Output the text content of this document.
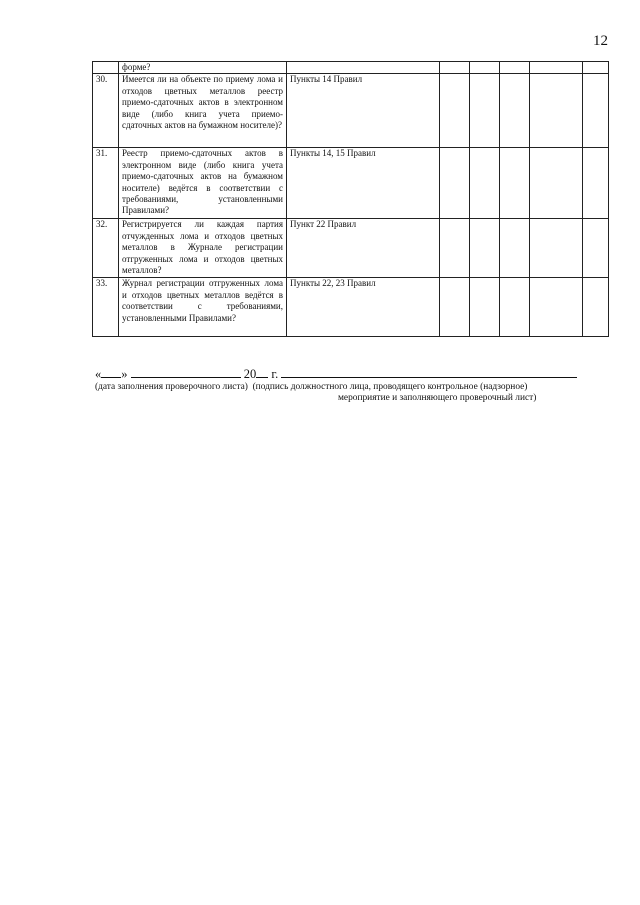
12
	форме?						
30.	Имеется ли на объекте по приему лома и отходов цветных металлов реестр приемо-сдаточных актов в электронном виде (либо книга учета приемо-сдаточных актов на бумажном носителе)?	Пункты 14 Правил					
31.	Реестр приемо-сдаточных актов в электронном виде (либо книга учета приемо-сдаточных актов на бумажном носителе) ведётся в соответствии с требованиями, установленными Правилами?	Пункты 14, 15 Правил					
32.	Регистрируется ли каждая партия отчужденных лома и отходов цветных металлов в Журнале регистрации отгруженных лома и отходов цветных металлов?	Пункт 22 Правил					
33.	Журнал регистрации отгруженных лома и отходов цветных металлов ведётся в соответствии с требованиями, установленными Правилами?	Пункты 22, 23 Правил					
« »	20 г.
(дата заполнения проверочного листа) (подпись должностного лица, проводящего контрольное (надзорное)
мероприятие и заполняющего проверочный лист)
